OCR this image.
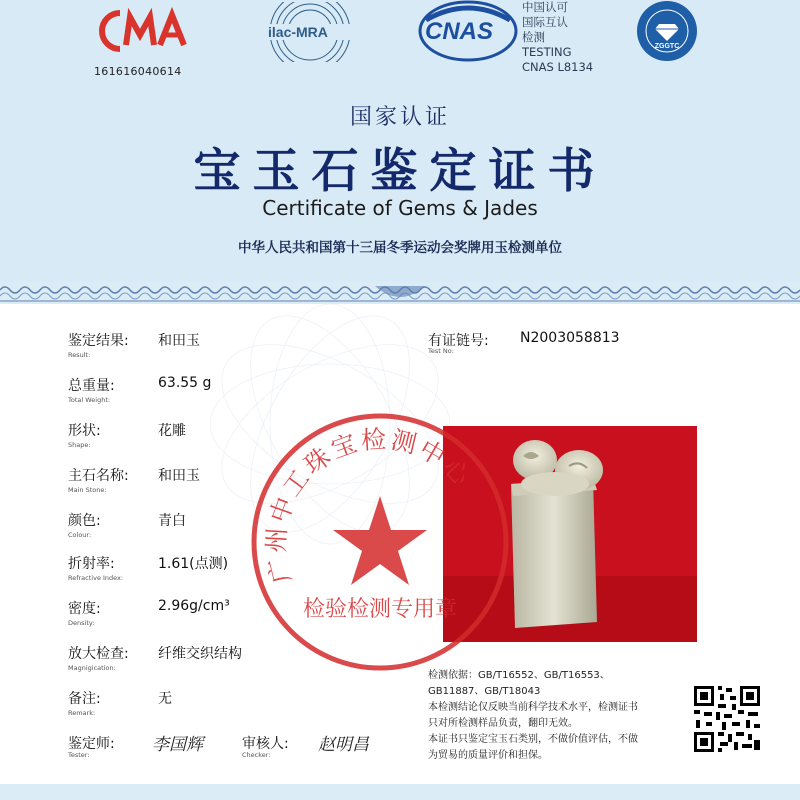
161616040614
ilac-MRA	CNAS
中国认可
国际互认
检测
TESTING
CNAS L8134
ZGGTC
国家认证
宝玉石鉴定证书
Certificate of Gems & Jades
中华人民共和国第十三届冬季运动会奖牌用玉检测单位
鉴定结果:
Result:
和田玉
总重量:
Total Weight:
63.55 g
形状:
Shape:
花雕
主石名称:
Main Stone:
和田玉
颜色:
Colour:
青白
折射率:
Refractive Index:
1.61(点测)
密度:
Density:
2.96g/cm³
放大检查:
Magnigication:
纤维交织结构
备注:
Remark:
无
有证链号:
Test No:
N2003058813
广州中工珠宝检测中心
检验检测专用章
检测依据：GB/T16552、GB/T16553、
GB11887、GB/T18043
本检测结论仅反映当前科学技术水平，检测证书
只对所检测样品负责，翻印无效。
本证书只鉴定宝玉石类别，不做价值评估，不做
为贸易的质量评价和担保。
鉴定师:
Tester:	李国辉	审核人:
Checker:	赵明昌
